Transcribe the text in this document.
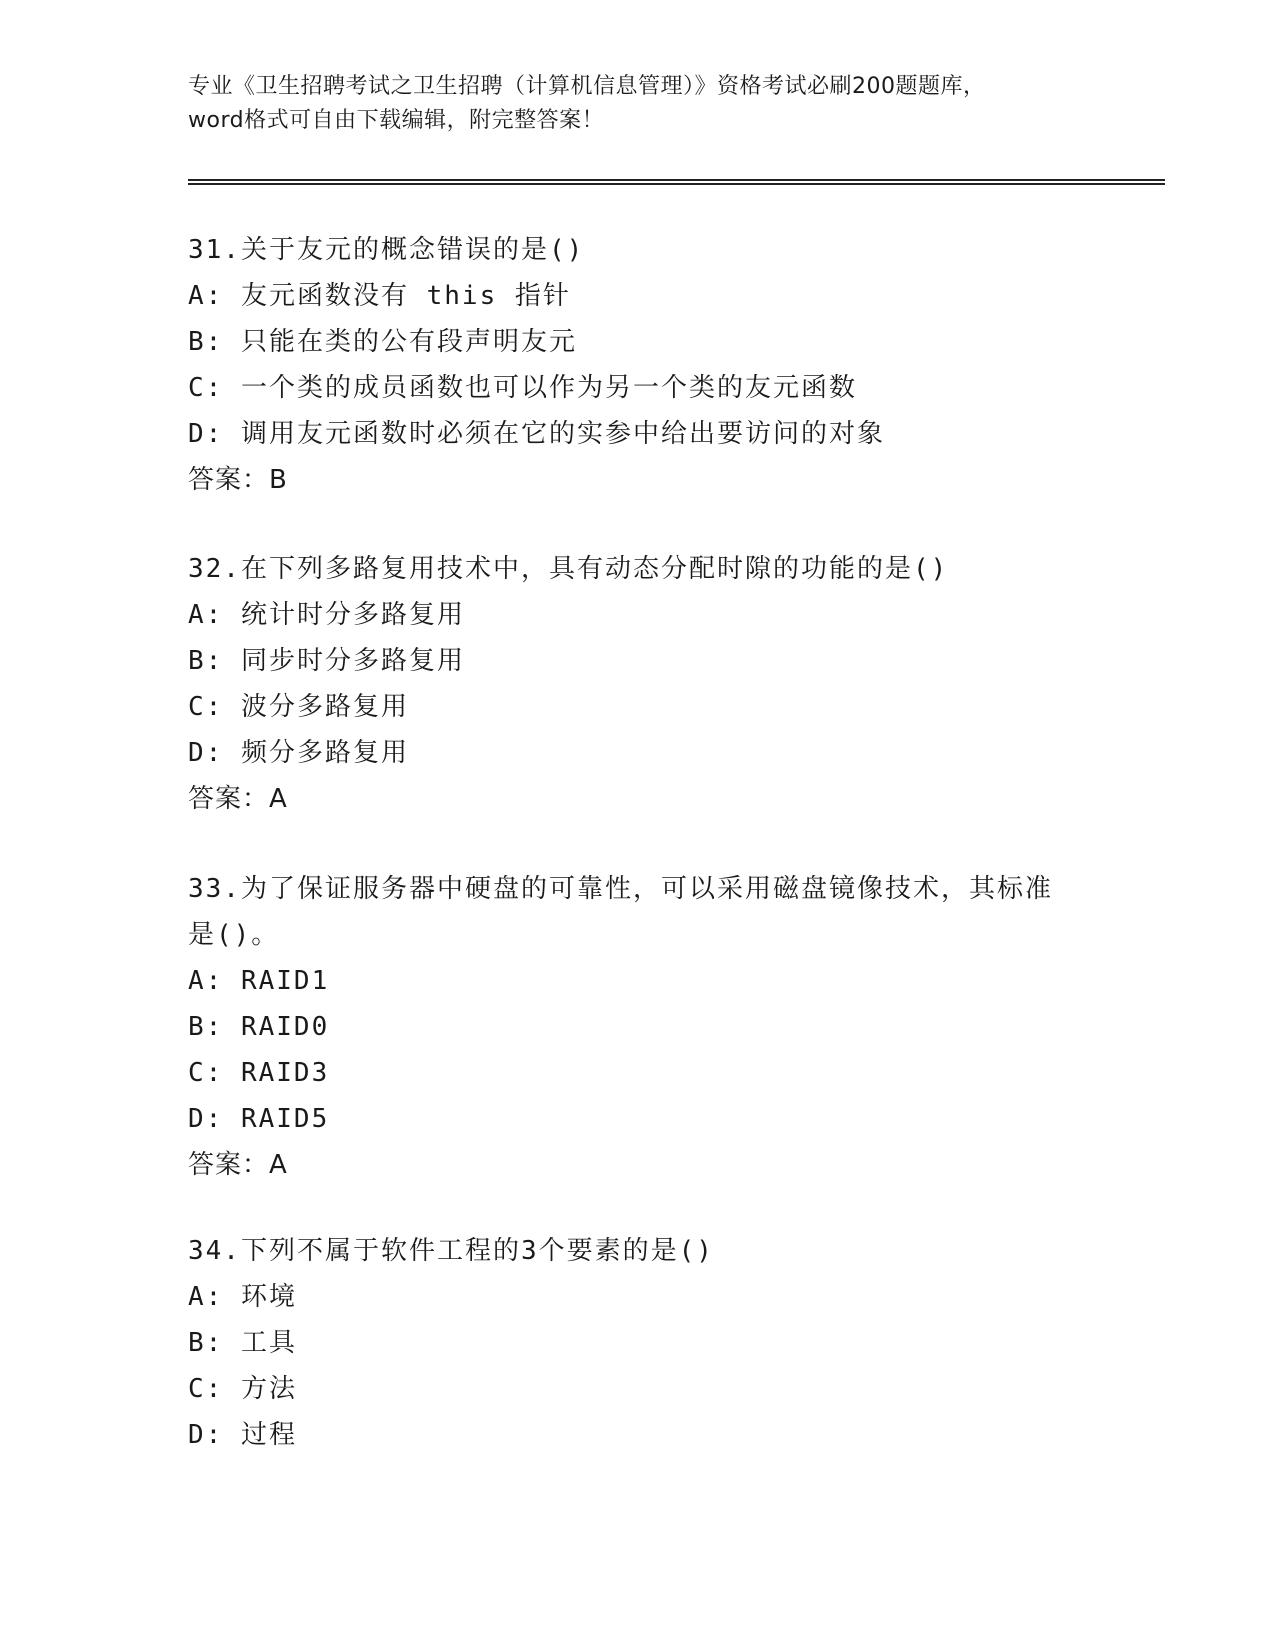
专业《卫生招聘考试之卫生招聘（计算机信息管理）》资格考试必刷200题题库，
word格式可自由下载编辑，附完整答案！
31.关于友元的概念错误的是()
A: 友元函数没有 this 指针
B: 只能在类的公有段声明友元
C: 一个类的成员函数也可以作为另一个类的友元函数
D: 调用友元函数时必须在它的实参中给出要访问的对象
答案：B
32.在下列多路复用技术中，具有动态分配时隙的功能的是()
A: 统计时分多路复用
B: 同步时分多路复用
C: 波分多路复用
D: 频分多路复用
答案：A
33.为了保证服务器中硬盘的可靠性，可以采用磁盘镜像技术，其标准
是()。
A: RAID1
B: RAID0
C: RAID3
D: RAID5
答案：A
34.下列不属于软件工程的3个要素的是()
A: 环境
B: 工具
C: 方法
D: 过程
